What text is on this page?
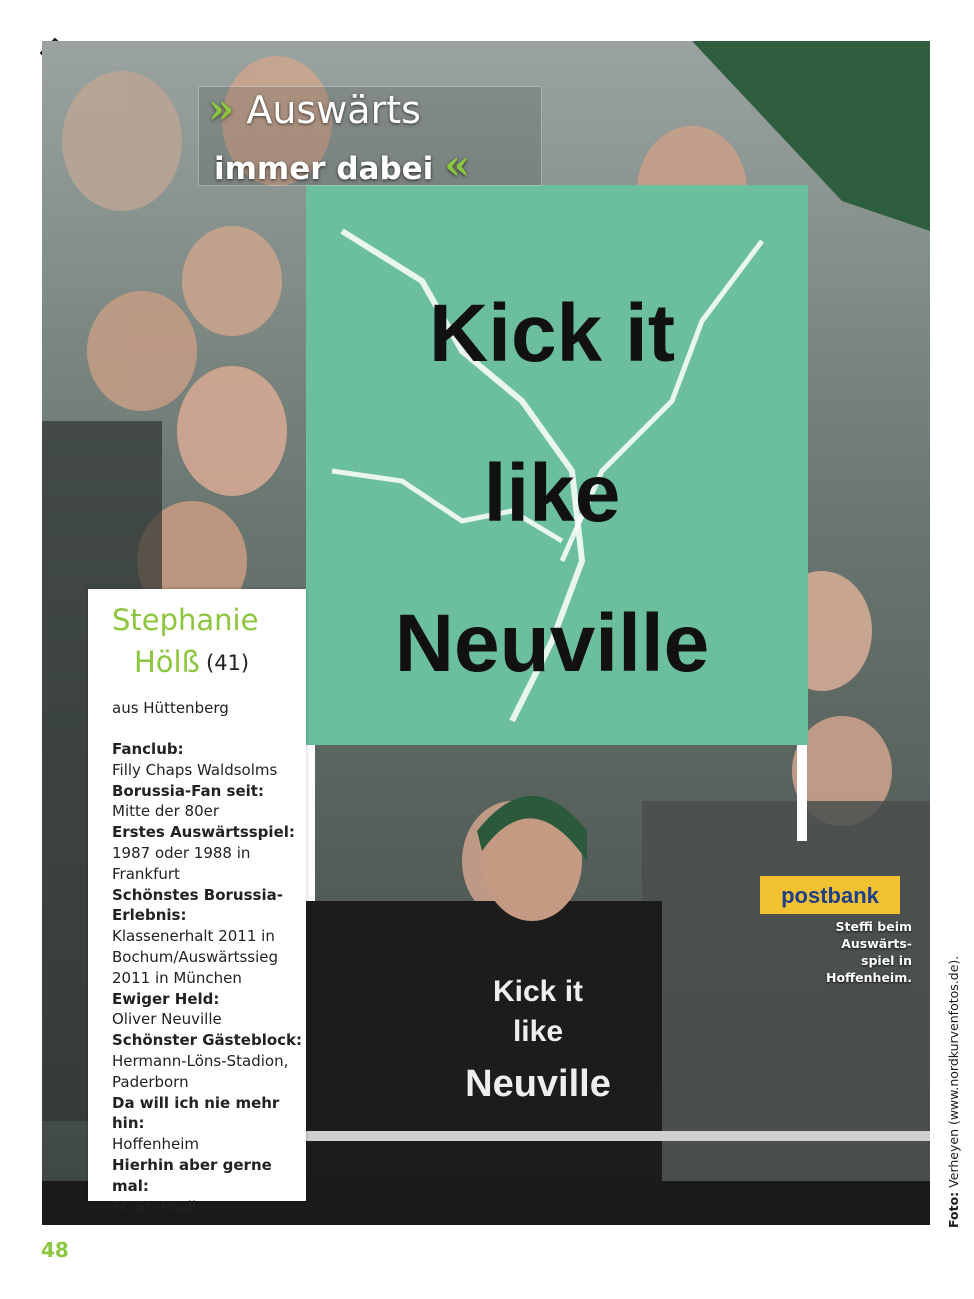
Kick it
like
Neuville
Kick it
like
Neuville
postbank
» Auswärts
immer dabei «
Stephanie
Hölß (41)
aus Hüttenberg
Fanclub:
Filly Chaps Waldsolms
Borussia-Fan seit:
Mitte der 80er
Erstes Auswärtsspiel:
1987 oder 1988 in Frankfurt
Schönstes Borussia-Erlebnis:
Klassenerhalt 2011 in Bochum/Auswärtssieg 2011 in München
Ewiger Held:
Oliver Neuville
Schönster Gästeblock:
Hermann-Löns-Stadion, Paderborn
Da will ich nie mehr hin:
Hoffenheim
Hierhin aber gerne mal:
FC St. Pauli
Steffi beim
Auswärts-
spiel in
Hoffenheim.
Foto: Verheyen (www.nordkurvenfotos.de).
48
